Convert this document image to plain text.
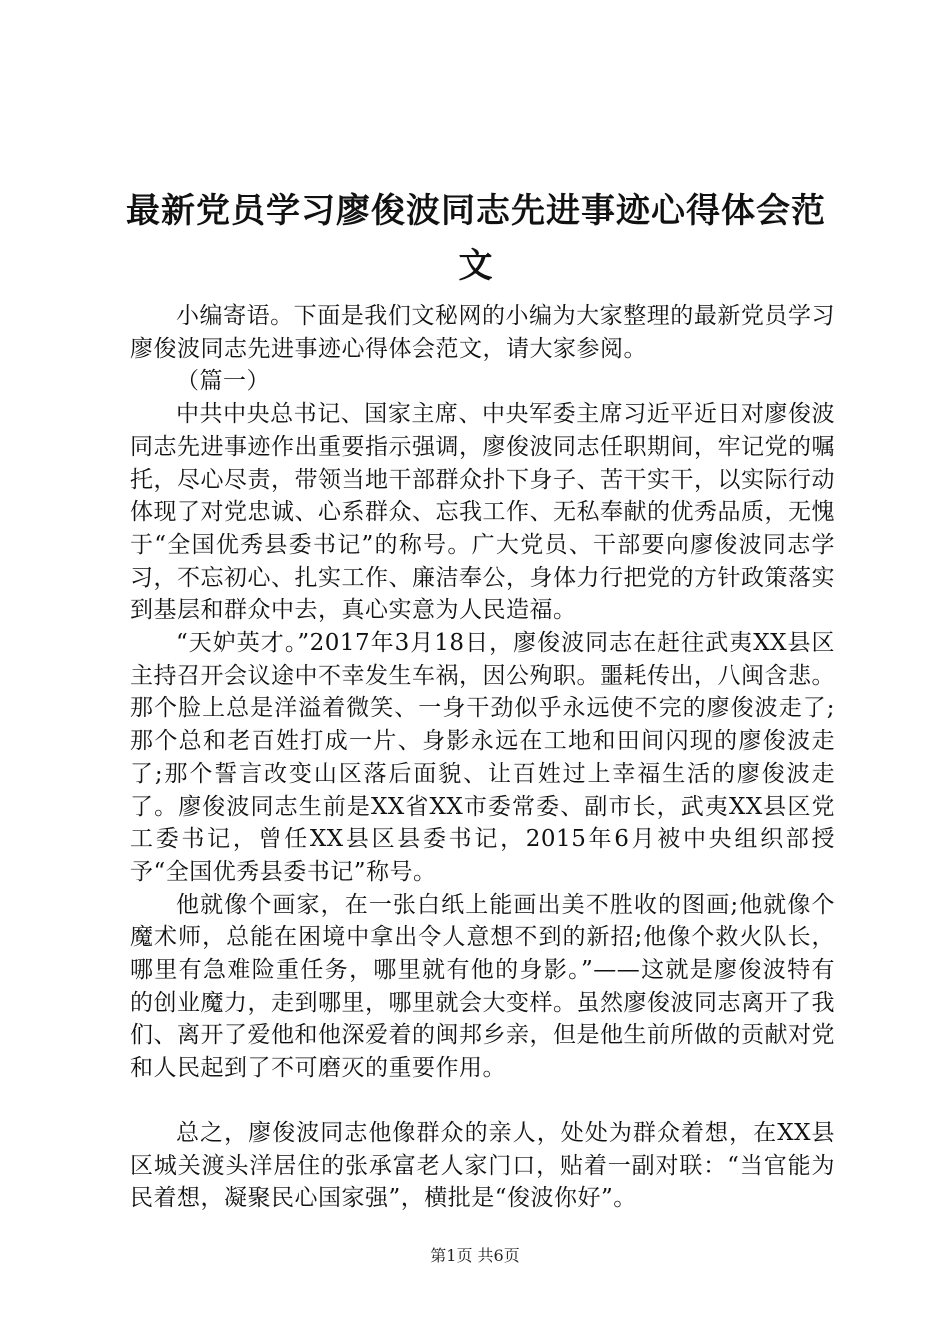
最新党员学习廖俊波同志先进事迹心得体会范
文

小编寄语。下面是我们文秘网的小编为大家整理的最新党员学习廖俊波同志先进事迹心得体会范文，请大家参阅。

（篇一）

中共中央总书记、国家主席、中央军委主席习近平近日对廖俊波同志先进事迹作出重要指示强调，廖俊波同志任职期间，牢记党的嘱托，尽心尽责，带领当地干部群众扑下身子、苦干实干，以实际行动体现了对党忠诚、心系群众、忘我工作、无私奉献的优秀品质，无愧于“全国优秀县委书记”的称号。广大党员、干部要向廖俊波同志学习，不忘初心、扎实工作、廉洁奉公，身体力行把党的方针政策落实到基层和群众中去，真心实意为人民造福。

“天妒英才。”2017年3月18日，廖俊波同志在赶往武夷XX县区主持召开会议途中不幸发生车祸，因公殉职。噩耗传出，八闽含悲。那个脸上总是洋溢着微笑、一身干劲似乎永远使不完的廖俊波走了;那个总和老百姓打成一片、身影永远在工地和田间闪现的廖俊波走了;那个誓言改变山区落后面貌、让百姓过上幸福生活的廖俊波走了。廖俊波同志生前是XX省XX市委常委、副市长，武夷XX县区党工委书记，曾任XX县区县委书记，2015年6月被中央组织部授予“全国优秀县委书记”称号。

他就像个画家，在一张白纸上能画出美不胜收的图画;他就像个魔术师，总能在困境中拿出令人意想不到的新招;他像个救火队长，哪里有急难险重任务，哪里就有他的身影。”——这就是廖俊波特有的创业魔力，走到哪里，哪里就会大变样。虽然廖俊波同志离开了我们、离开了爱他和他深爱着的闽邦乡亲，但是他生前所做的贡献对党和人民起到了不可磨灭的重要作用。

总之，廖俊波同志他像群众的亲人，处处为群众着想，在XX县区城关渡头洋居住的张承富老人家门口，贴着一副对联：“当官能为民着想，凝聚民心国家强”，横批是“俊波你好”。

第1页 共6页
